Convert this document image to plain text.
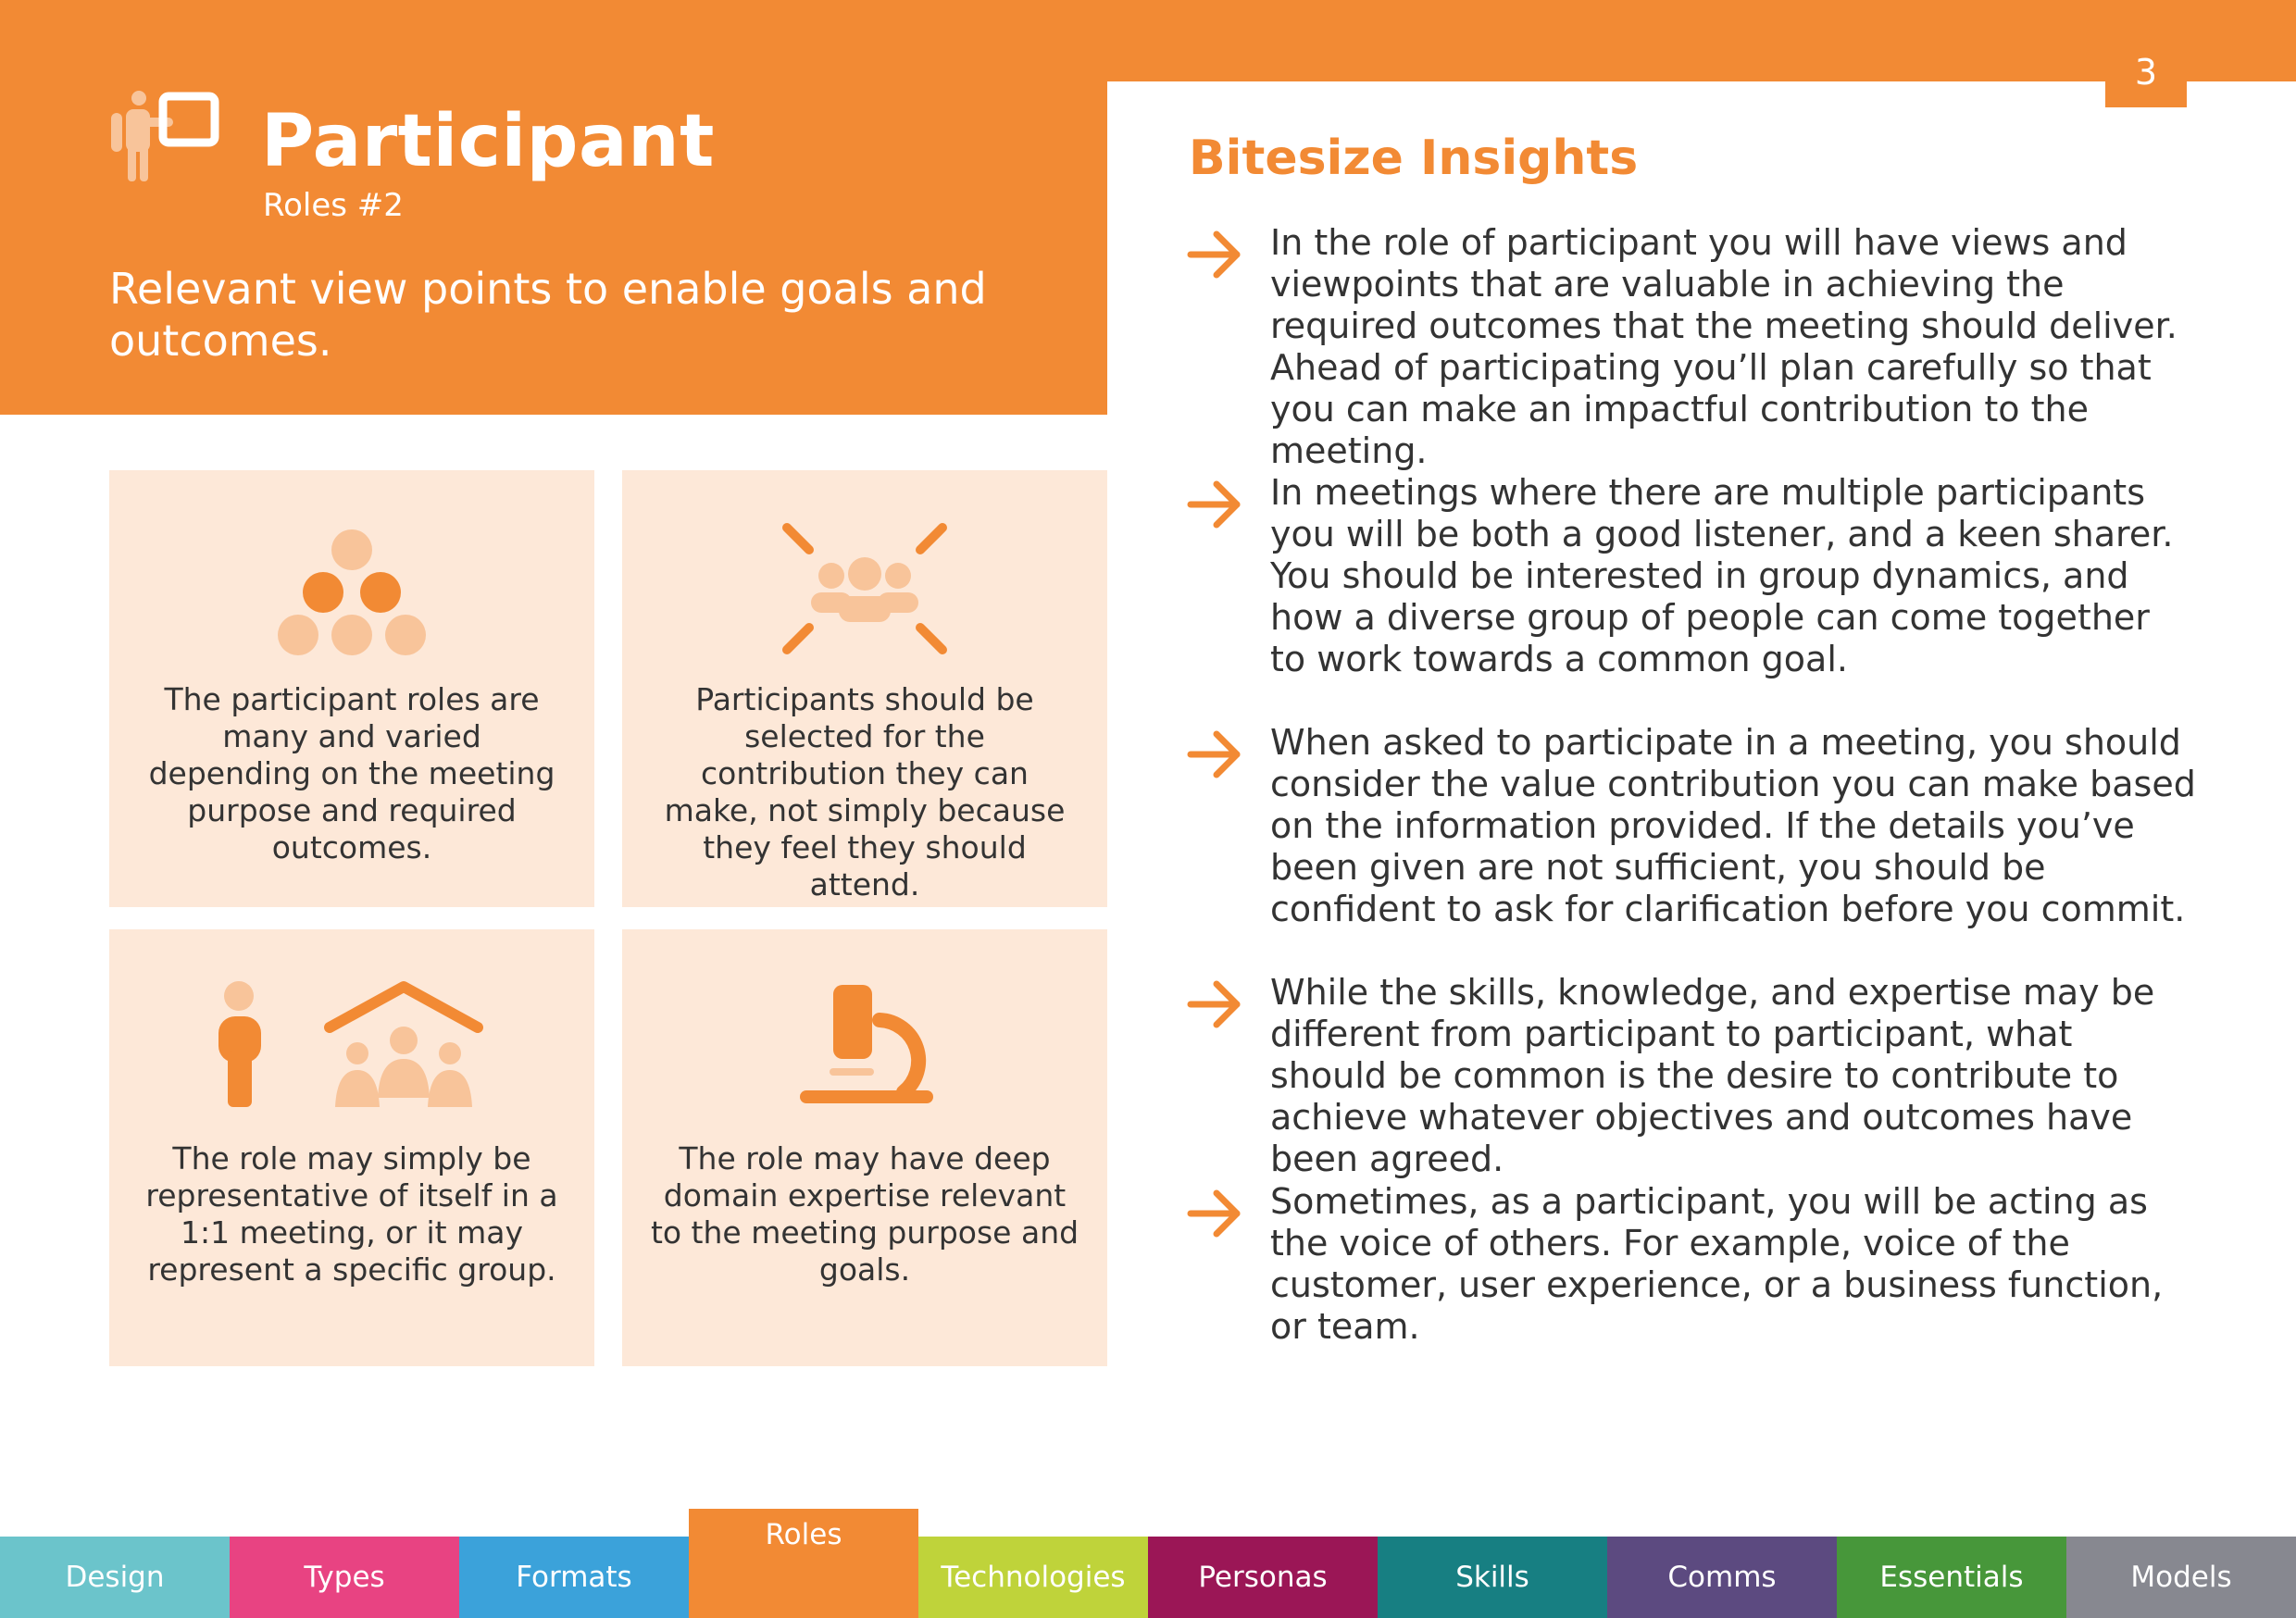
3
Participant
Roles #2
Relevant view points to enable goals and outcomes.
The participant roles are many and varied depending on the meeting purpose and required outcomes.
Participants should be selected for the contribution they can make, not simply because they feel they should attend.
The role may simply be representative of itself in a 1:1 meeting, or it may represent a specific group.
The role may have deep domain expertise relevant to the meeting purpose and goals.
Bitesize Insights
In the role of participant you will have views and viewpoints that are valuable in achieving the required outcomes that the meeting should deliver. Ahead of participating you’ll plan carefully so that you can make an impactful contribution to the meeting.
In meetings where there are multiple participants you will be both a good listener, and a keen sharer. You should be interested in group dynamics, and how a diverse group of people can come together to work towards a common goal.
When asked to participate in a meeting, you should consider the value contribution you can make based on the information provided. If the details you’ve been given are not sufficient, you should be confident to ask for clarification before you commit.
While the skills, knowledge, and expertise may be different from participant to participant, what should be common is the desire to contribute to achieve whatever objectives and outcomes have been agreed.
Sometimes, as a participant, you will be acting as the voice of others. For example, voice of the customer, user experience, or a business function, or team.
Design	Types	Formats
Roles
Technologies	Personas	Skills	Comms	Essentials	Models
